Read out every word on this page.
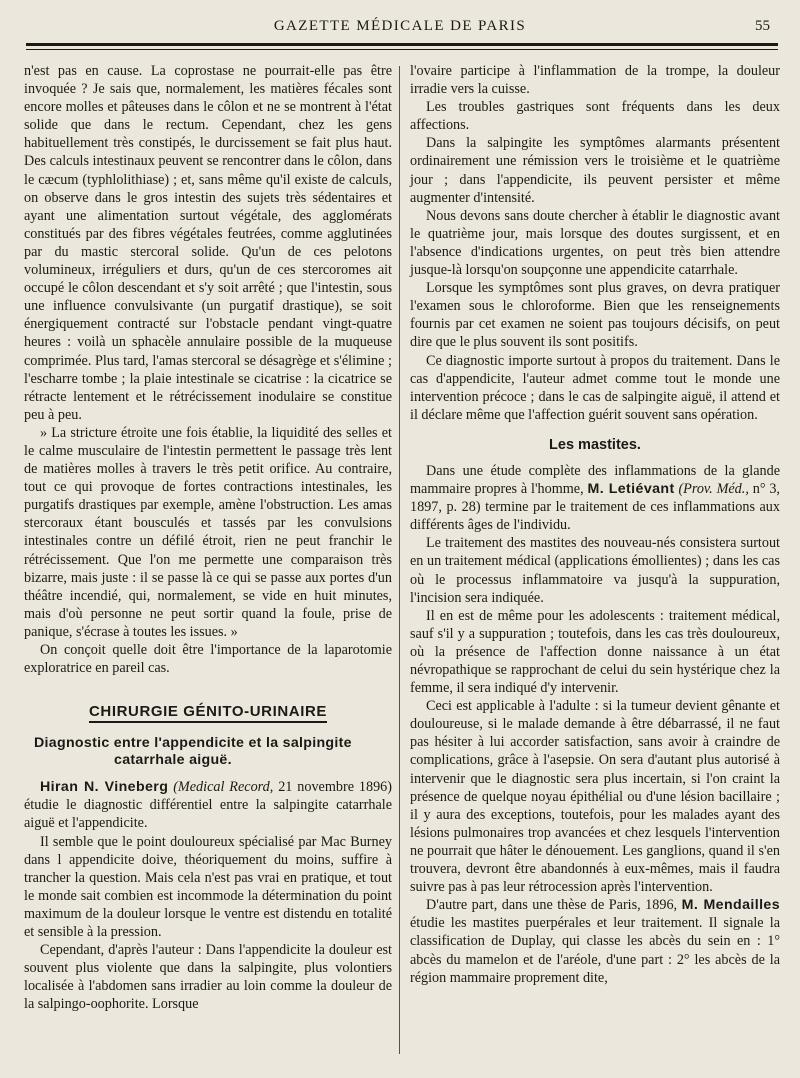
GAZETTE MÉDICALE DE PARIS	55

n'est pas en cause. La coprostase ne pourrait-elle pas être invoquée ? Je sais que, normalement, les matières fécales sont encore molles et pâteuses dans le côlon et ne se montrent à l'état solide que dans le rectum. Cependant, chez les gens habituellement très constipés, le durcissement se fait plus haut. Des calculs intestinaux peuvent se rencontrer dans le côlon, dans le cæcum (typhlolithiase) ; et, sans même qu'il existe de calculs, on observe dans le gros intestin des sujets très sédentaires et ayant une alimentation surtout végétale, des agglomérats constitués par des fibres végétales feutrées, comme agglutinées par du mastic stercoral solide. Qu'un de ces pelotons volumineux, irréguliers et durs, qu'un de ces stercoromes ait occupé le côlon descendant et s'y soit arrêté ; que l'intestin, sous une influence convulsivante (un purgatif drastique), se soit énergiquement contracté sur l'obstacle pendant vingt-quatre heures : voilà un sphacèle annulaire possible de la muqueuse comprimée. Plus tard, l'amas stercoral se désagrège et s'élimine ; l'escharre tombe ; la plaie intestinale se cicatrise : la cicatrice se rétracte lentement et le rétrécissement inodulaire se constitue peu à peu.

» La stricture étroite une fois établie, la liquidité des selles et le calme musculaire de l'intestin permettent le passage très lent de matières molles à travers le très petit orifice. Au contraire, tout ce qui provoque de fortes contractions intestinales, les purgatifs drastiques par exemple, amène l'obstruction. Les amas stercoraux étant bousculés et tassés par les convulsions intestinales contre un défilé étroit, rien ne peut franchir le rétrécissement. Que l'on me permette une comparaison très bizarre, mais juste : il se passe là ce qui se passe aux portes d'un théâtre incendié, qui, normalement, se vide en huit minutes, mais d'où personne ne peut sortir quand la foule, prise de panique, s'écrase à toutes les issues. »

On conçoit quelle doit être l'importance de la laparotomie exploratrice en pareil cas.

CHIRURGIE GÉNITO-URINAIRE
Diagnostic entre l'appendicite et la salpingite
catarrhale aiguë.

Hiran N. Vineberg (Medical Record, 21 novembre 1896) étudie le diagnostic différentiel entre la salpingite catarrhale aiguë et l'appendicite.

Il semble que le point douloureux spécialisé par Mac Burney dans l appendicite doive, théoriquement du moins, suffire à trancher la question. Mais cela n'est pas vrai en pratique, et tout le monde sait combien est incommode la détermination du point maximum de la douleur lorsque le ventre est distendu en totalité et sensible à la pression.

Cependant, d'après l'auteur : Dans l'appendicite la douleur est souvent plus violente que dans la salpingite, plus volontiers localisée à l'abdomen sans irradier au loin comme la douleur de la salpingo-oophorite. Lorsque

l'ovaire participe à l'inflammation de la trompe, la douleur irradie vers la cuisse.

Les troubles gastriques sont fréquents dans les deux affections.

Dans la salpingite les symptômes alarmants présentent ordinairement une rémission vers le troisième et le quatrième jour ; dans l'appendicite, ils peuvent persister et même augmenter d'intensité.

Nous devons sans doute chercher à établir le diagnostic avant le quatrième jour, mais lorsque des doutes surgissent, et en l'absence d'indications urgentes, on peut très bien attendre jusque-là lorsqu'on soupçonne une appendicite catarrhale.

Lorsque les symptômes sont plus graves, on devra pratiquer l'examen sous le chloroforme. Bien que les renseignements fournis par cet examen ne soient pas toujours décisifs, on peut dire que le plus souvent ils sont positifs.

Ce diagnostic importe surtout à propos du traitement. Dans le cas d'appendicite, l'auteur admet comme tout le monde une intervention précoce ; dans le cas de salpingite aiguë, il attend et il déclare même que l'affection guérit souvent sans opération.

Les mastites.

Dans une étude complète des inflammations de la glande mammaire propres à l'homme, M. Letiévant (Prov. Méd., n° 3, 1897, p. 28) termine par le traitement de ces inflammations aux différents âges de l'individu.

Le traitement des mastites des nouveau-nés consistera surtout en un traitement médical (applications émollientes) ; dans les cas où le processus inflammatoire va jusqu'à la suppuration, l'incision sera indiquée.

Il en est de même pour les adolescents : traitement médical, sauf s'il y a suppuration ; toutefois, dans les cas très douloureux, où la présence de l'affection donne naissance à un état névropathique se rapprochant de celui du sein hystérique chez la femme, il sera indiqué d'y intervenir.

Ceci est applicable à l'adulte : si la tumeur devient gênante et douloureuse, si le malade demande à être débarrassé, il ne faut pas hésiter à lui accorder satisfaction, sans avoir à craindre de complications, grâce à l'asepsie. On sera d'autant plus autorisé à intervenir que le diagnostic sera plus incertain, si l'on craint la présence de quelque noyau épithélial ou d'une lésion bacillaire ; il y aura des exceptions, toutefois, pour les malades ayant des lésions pulmonaires trop avancées et chez lesquels l'intervention ne pourrait que hâter le dénouement. Les ganglions, quand il s'en trouvera, devront être abandonnés à eux-mêmes, mais il faudra suivre pas à pas leur rétrocession après l'intervention.

D'autre part, dans une thèse de Paris, 1896, M. Mendailles étudie les mastites puerpérales et leur traitement. Il signale la classification de Duplay, qui classe les abcès du sein en : 1° abcès du mamelon et de l'aréole, d'une part : 2° les abcès de la région mammaire proprement dite,
